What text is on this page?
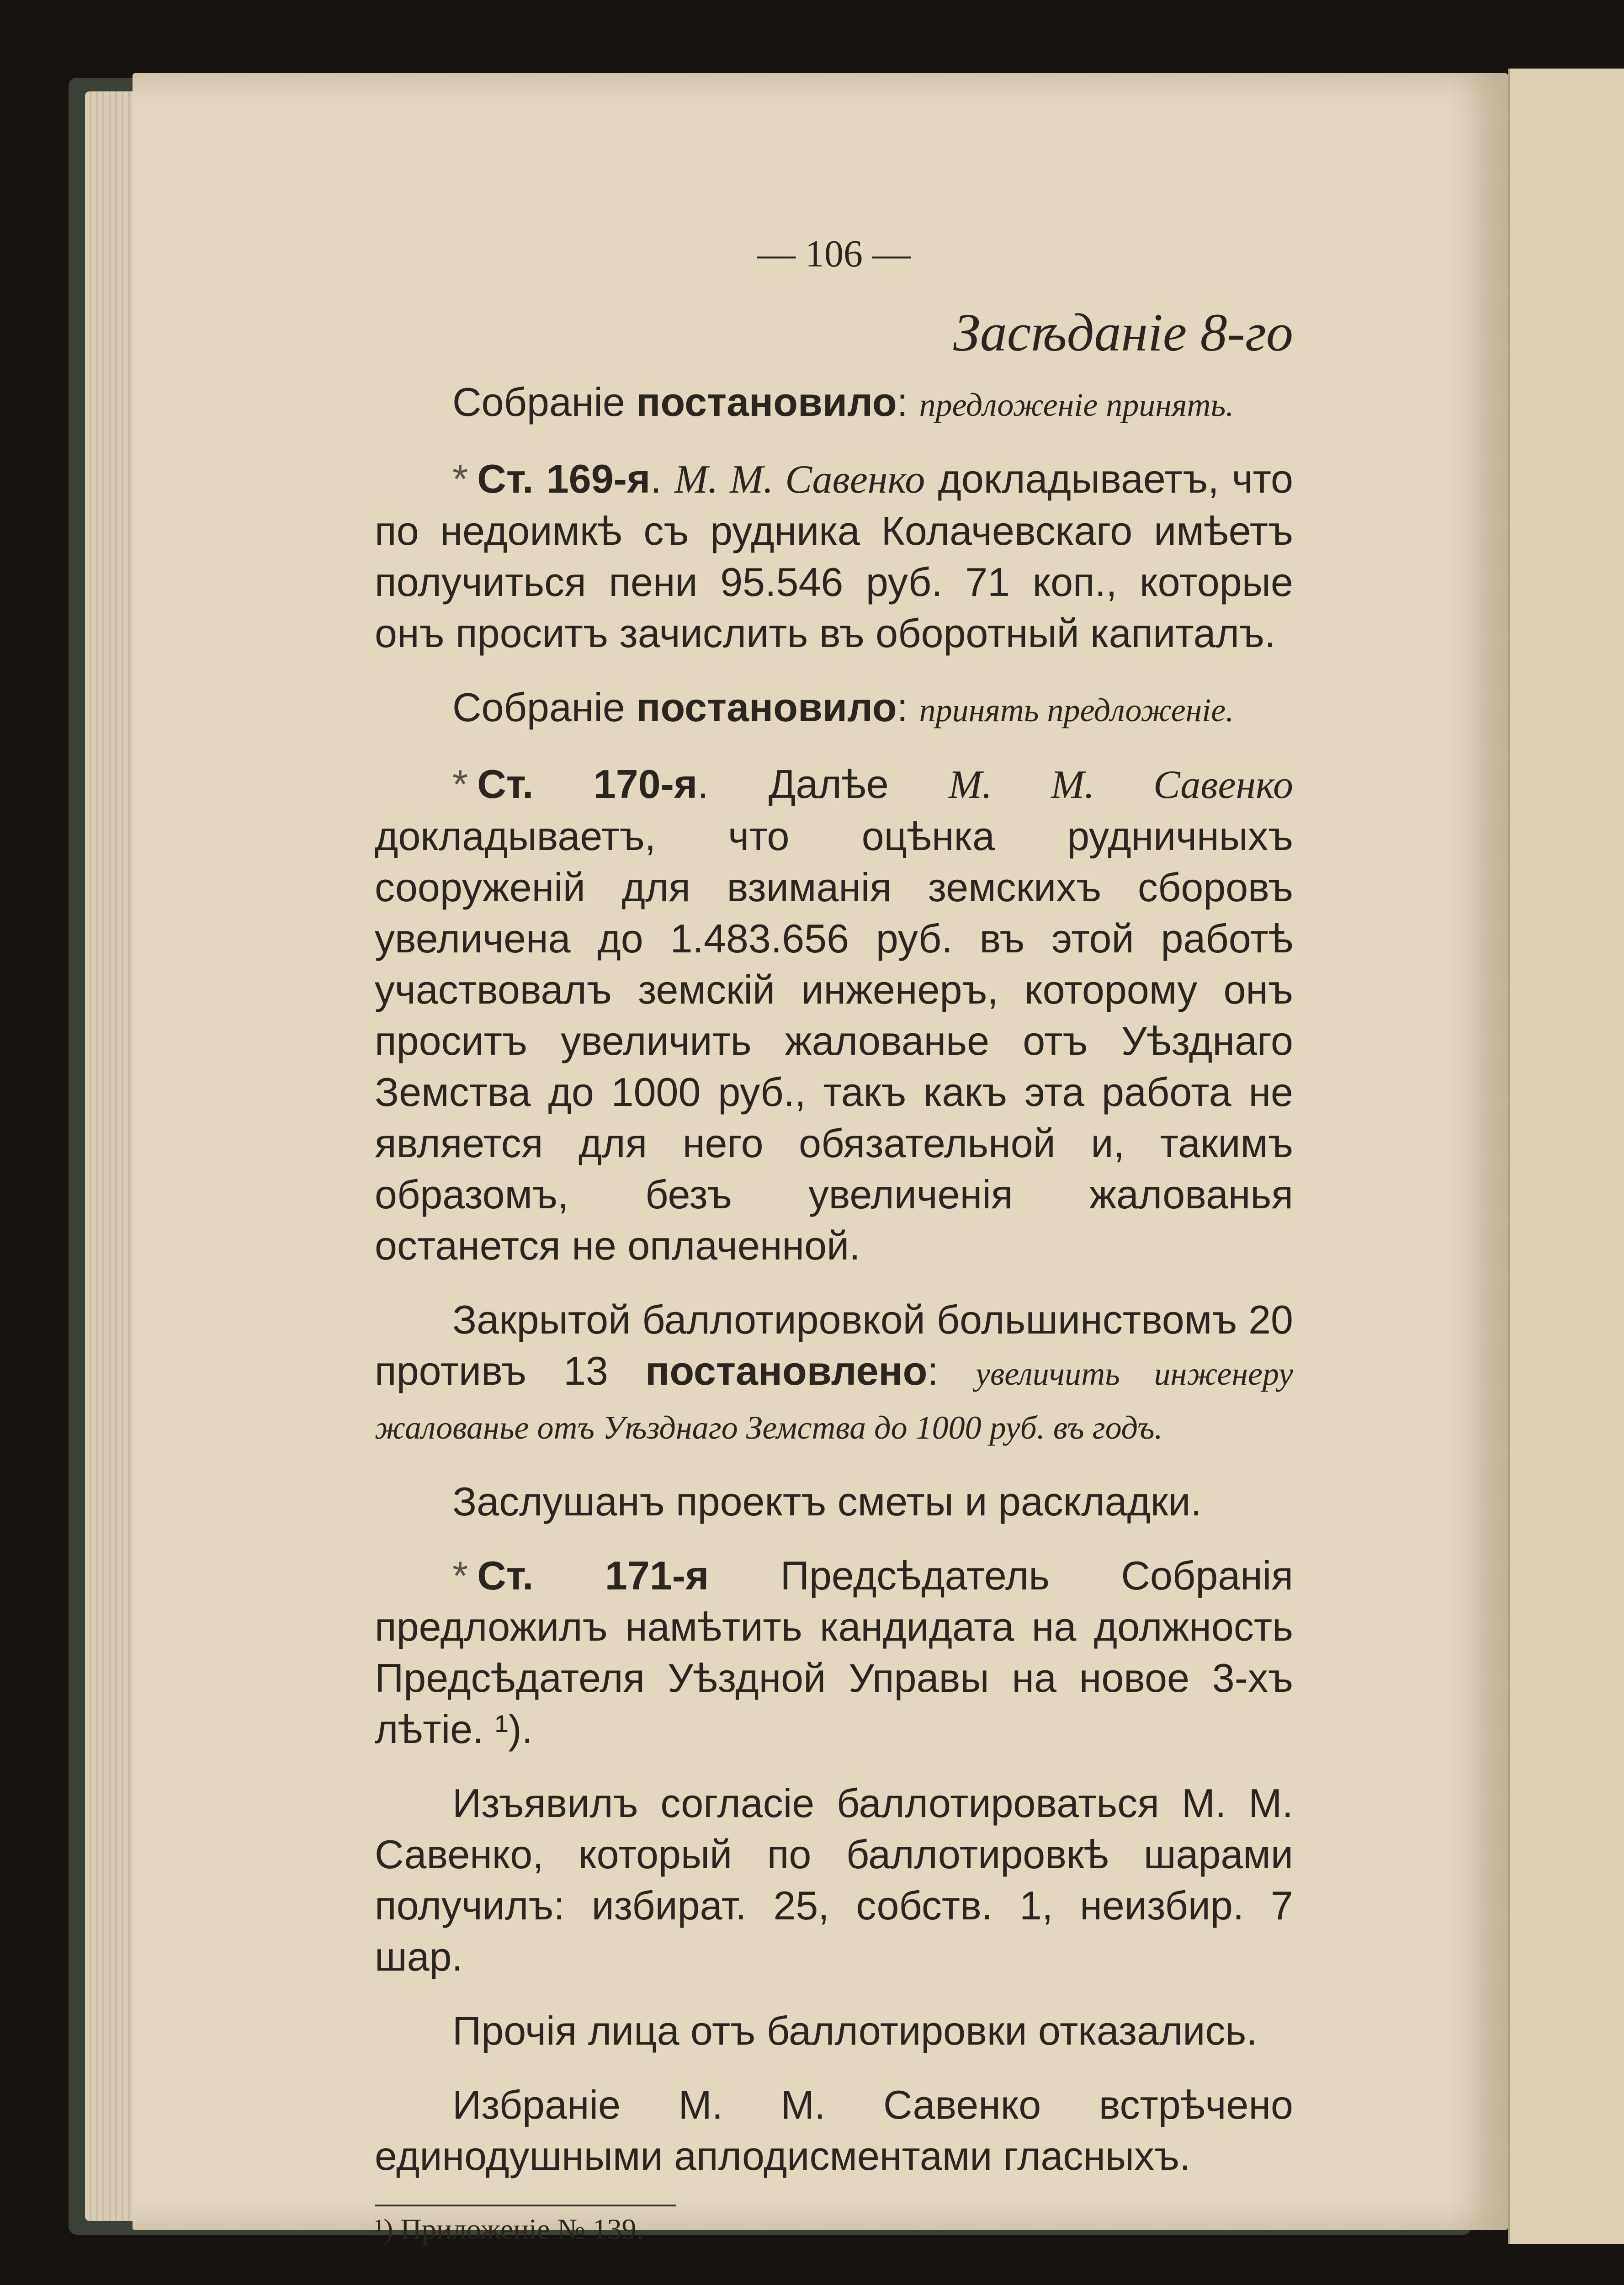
— 106 —
Засѣданіе 8-го

Собраніе постановило: предложеніе принять.

* Ст. 169-я. М. М. Савенко докладываетъ, что по недоимкѣ съ рудника Колачевскаго имѣетъ получиться пени 95.546 руб. 71 коп., которые онъ проситъ зачислить въ оборотный капиталъ.

Собраніе постановило: принять предложеніе.

* Ст. 170-я. Далѣе М. М. Савенко докладываетъ, что оцѣнка рудничныхъ сооруженій для взиманія земскихъ сборовъ увеличена до 1.483.656 руб. въ этой работѣ участвовалъ земскій инженеръ, которому онъ проситъ увеличить жалованье отъ Уѣзднаго Земства до 1000 руб., такъ какъ эта работа не является для него обязательной и, такимъ образомъ, безъ увеличенія жалованья останется не оплаченной.

Закрытой баллотировкой большинствомъ 20 противъ 13 постановлено: увеличить инженеру жалованье отъ Уѣзднаго Земства до 1000 руб. въ годъ.

Заслушанъ проектъ сметы и раскладки.

* Ст. 171-я Предсѣдатель Собранія предложилъ намѣтить кандидата на должность Предсѣдателя Уѣздной Управы на новое 3-хъ лѣтіе. ¹).

Изъявилъ согласіе баллотироваться М. М. Савенко, который по баллотировкѣ шарами получилъ: избират. 25, собств. 1, неизбир. 7 шар.

Прочія лица отъ баллотировки отказались.

Избраніе М. М. Савенко встрѣчено единодушными аплодисментами гласныхъ.

¹) Приложеніе № 139.
